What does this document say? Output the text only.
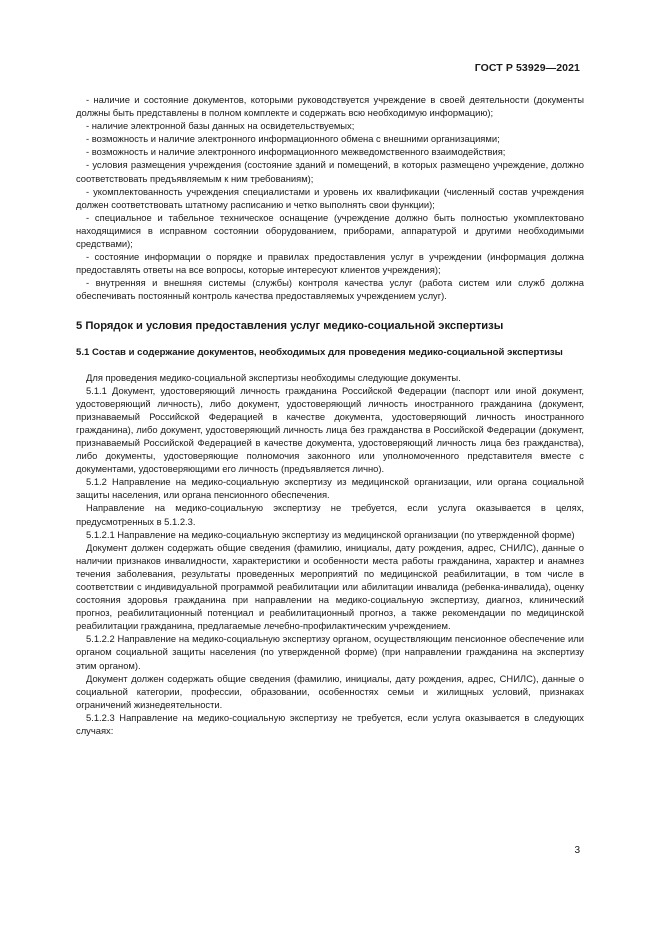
ГОСТ Р 53929—2021

- наличие и состояние документов, которыми руководствуется учреждение в своей деятельности (документы должны быть представлены в полном комплекте и содержать всю необходимую информацию);

- наличие электронной базы данных на освидетельствуемых;

- возможность и наличие электронного информационного обмена с внешними организациями;

- возможность и наличие электронного информационного межведомственного взаимодействия;

- условия размещения учреждения (состояние зданий и помещений, в которых размещено учреждение, должно соответствовать предъявляемым к ним требованиям);

- укомплектованность учреждения специалистами и уровень их квалификации (численный состав учреждения должен соответствовать штатному расписанию и четко выполнять свои функции);

- специальное и табельное техническое оснащение (учреждение должно быть полностью укомплектовано находящимися в исправном состоянии оборудованием, приборами, аппаратурой и другими необходимыми средствами);

- состояние информации о порядке и правилах предоставления услуг в учреждении (информация должна предоставлять ответы на все вопросы, которые интересуют клиентов учреждения);

- внутренняя и внешняя системы (службы) контроля качества услуг (работа систем или служб должна обеспечивать постоянный контроль качества предоставляемых учреждением услуг).

5 Порядок и условия предоставления услуг медико-социальной экспертизы
5.1 Состав и содержание документов, необходимых для проведения медико-социальной экспертизы

Для проведения медико-социальной экспертизы необходимы следующие документы.

5.1.1 Документ, удостоверяющий личность гражданина Российской Федерации (паспорт или иной документ, удостоверяющий личность), либо документ, удостоверяющий личность иностранного гражданина (документ, признаваемый Российской Федерацией в качестве документа, удостоверяющий личность иностранного гражданина), либо документ, удостоверяющий личность лица без гражданства в Российской Федерации (документ, признаваемый Российской Федерацией в качестве документа, удостоверяющий личность лица без гражданства), либо документы, удостоверяющие полномочия законного или уполномоченного представителя вместе с документами, удостоверяющими его личность (предъявляется лично).

5.1.2 Направление на медико-социальную экспертизу из медицинской организации, или органа социальной защиты населения, или органа пенсионного обеспечения.

Направление на медико-социальную экспертизу не требуется, если услуга оказывается в целях, предусмотренных в 5.1.2.3.

5.1.2.1 Направление на медико-социальную экспертизу из медицинской организации (по утвержденной форме)

Документ должен содержать общие сведения (фамилию, инициалы, дату рождения, адрес, СНИЛС), данные о наличии признаков инвалидности, характеристики и особенности места работы гражданина, характер и анамнез течения заболевания, результаты проведенных мероприятий по медицинской реабилитации, в том числе в соответствии с индивидуальной программой реабилитации или абилитации инвалида (ребенка-инвалида), оценку состояния здоровья гражданина при направлении на медико-социальную экспертизу, диагноз, клинический прогноз, реабилитационный потенциал и реабилитационный прогноз, а также рекомендации по медицинской реабилитации гражданина, предлагаемые лечебно-профилактическим учреждением.

5.1.2.2 Направление на медико-социальную экспертизу органом, осуществляющим пенсионное обеспечение или органом социальной защиты населения (по утвержденной форме) (при направлении гражданина на экспертизу этим органом).

Документ должен содержать общие сведения (фамилию, инициалы, дату рождения, адрес, СНИЛС), данные о социальной категории, профессии, образовании, особенностях семьи и жилищных условий, признаках ограничений жизнедеятельности.

5.1.2.3 Направление на медико-социальную экспертизу не требуется, если услуга оказывается в следующих случаях:

3
